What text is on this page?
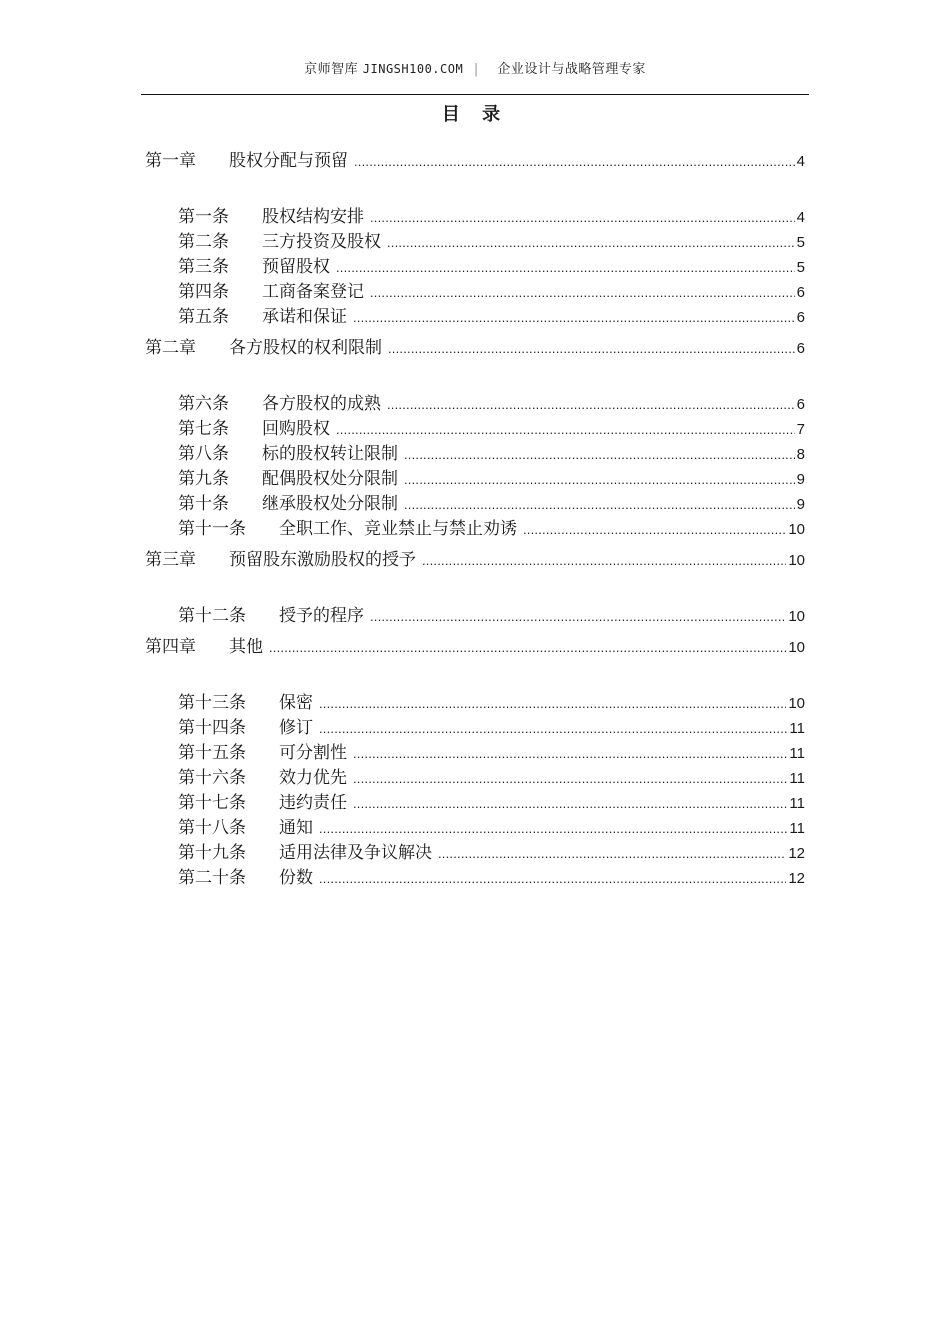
京师智库 JINGSH100.COM | 企业设计与战略管理专家
目 录
第一章	股权分配与预留 .....	4
第一条	股权结构安排 .....	4
第二条	三方投资及股权 .....	5
第三条	预留股权 .....	5
第四条	工商备案登记 .....	6
第五条	承诺和保证 .....	6
第二章	各方股权的权利限制 .....	6
第六条	各方股权的成熟 .....	6
第七条	回购股权 .....	7
第八条	标的股权转让限制 .....	8
第九条	配偶股权处分限制 .....	9
第十条	继承股权处分限制 .....	9
第十一条	全职工作、竞业禁止与禁止劝诱 .....	10
第三章	预留股东激励股权的授予 .....	10
第十二条	授予的程序 .....	10
第四章	其他 .....	10
第十三条	保密 .....	10
第十四条	修订 .....	11
第十五条	可分割性 .....	11
第十六条	效力优先 .....	11
第十七条	违约责任 .....	11
第十八条	通知 .....	11
第十九条	适用法律及争议解决 .....	12
第二十条	份数 .....	12
